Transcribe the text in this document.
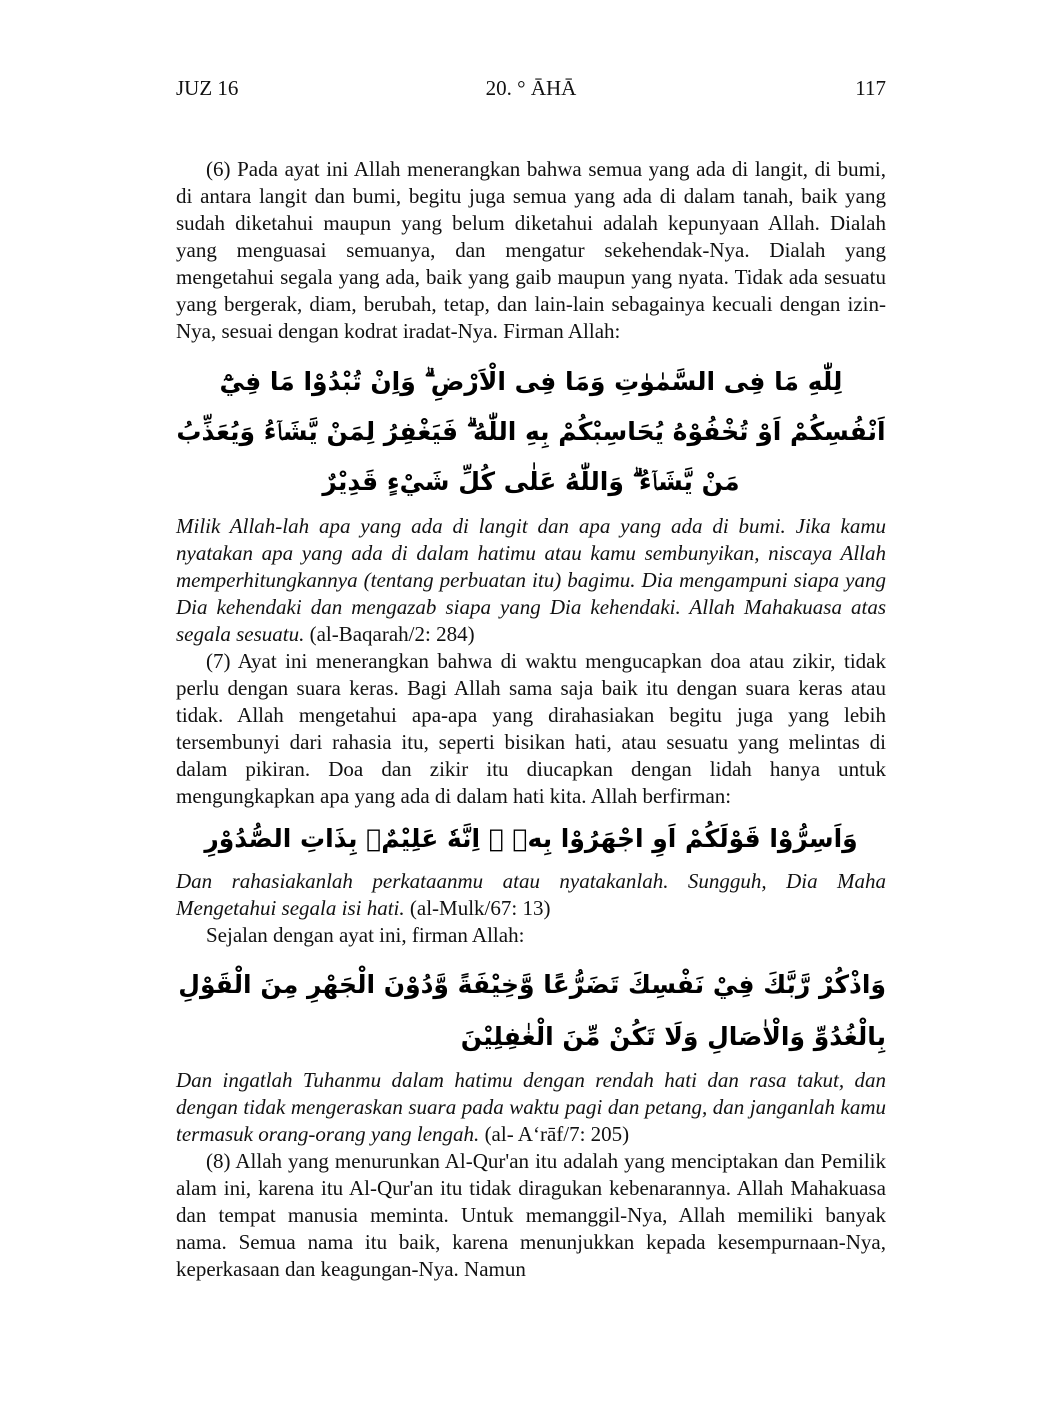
JUZ 16	20. ° ĀHĀ	117

(6) Pada ayat ini Allah menerangkan bahwa semua yang ada di langit, di bumi, di antara langit dan bumi, begitu juga semua yang ada di dalam tanah, baik yang sudah diketahui maupun yang belum diketahui adalah kepunyaan Allah. Dialah yang menguasai semuanya, dan mengatur sekehendak-Nya. Dialah yang mengetahui segala yang ada, baik yang gaib maupun yang nyata. Tidak ada sesuatu yang bergerak, diam, berubah, tetap, dan lain-lain sebagainya kecuali dengan izin-Nya, sesuai dengan kodrat iradat-Nya. Firman Allah:

لِلّٰهِ مَا فِى السَّمٰوٰتِ وَمَا فِى الْاَرْضِ ۗ وَاِنْ تُبْدُوْا مَا فِيْٓ اَنْفُسِكُمْ اَوْ تُخْفُوْهُ يُحَاسِبْكُمْ بِهِ اللّٰهُ ۗ فَيَغْفِرُ لِمَنْ يَّشَاۤءُ وَيُعَذِّبُ مَنْ يَّشَاۤءُ ۗ وَاللّٰهُ عَلٰى كُلِّ شَيْءٍ قَدِيْرٌ

Milik Allah-lah apa yang ada di langit dan apa yang ada di bumi. Jika kamu nyatakan apa yang ada di dalam hatimu atau kamu sembunyikan, niscaya Allah memperhitungkannya (tentang perbuatan itu) bagimu. Dia mengampuni siapa yang Dia kehendaki dan mengazab siapa yang Dia kehendaki. Allah Mahakuasa atas segala sesuatu. (al-Baqarah/2: 284)

(7) Ayat ini menerangkan bahwa di waktu mengucapkan doa atau zikir, tidak perlu dengan suara keras. Bagi Allah sama saja baik itu dengan suara keras atau tidak. Allah mengetahui apa-apa yang dirahasiakan begitu juga yang lebih tersembunyi dari rahasia itu, seperti bisikan hati, atau sesuatu yang melintas di dalam pikiran. Doa dan zikir itu diucapkan dengan lidah hanya untuk mengungkapkan apa yang ada di dalam hati kita. Allah berfirman:

وَاَسِرُّوْا قَوْلَكُمْ اَوِ اجْهَرُوْا بِهٖ ۗ اِنَّهٗ عَلِيْمٌۢ بِذَاتِ الصُّدُوْرِ

Dan rahasiakanlah perkataanmu atau nyatakanlah. Sungguh, Dia Maha Mengetahui segala isi hati. (al-Mulk/67: 13)

Sejalan dengan ayat ini, firman Allah:

وَاذْكُرْ رَّبَّكَ فِيْ نَفْسِكَ تَضَرُّعًا وَّخِيْفَةً وَّدُوْنَ الْجَهْرِ مِنَ الْقَوْلِ بِالْغُدُوِّ وَالْاٰصَالِ وَلَا تَكُنْ مِّنَ الْغٰفِلِيْنَ

Dan ingatlah Tuhanmu dalam hatimu dengan rendah hati dan rasa takut, dan dengan tidak mengeraskan suara pada waktu pagi dan petang, dan janganlah kamu termasuk orang-orang yang lengah. (al- A‘rāf/7: 205)

(8) Allah yang menurunkan Al-Qur'an itu adalah yang menciptakan dan Pemilik alam ini, karena itu Al-Qur'an itu tidak diragukan kebenarannya. Allah Mahakuasa dan tempat manusia meminta. Untuk memanggil-Nya, Allah memiliki banyak nama. Semua nama itu baik, karena menunjukkan kepada kesempurnaan-Nya, keperkasaan dan keagungan-Nya. Namun
